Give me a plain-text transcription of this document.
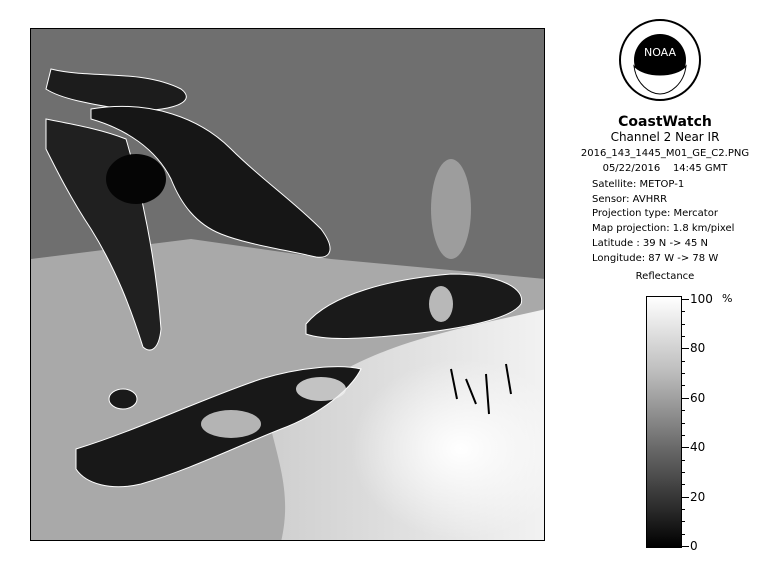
NOAA
CoastWatch
Channel 2 Near IR
2016_143_1445_M01_GE_C2.PNG
05/22/2016 14:45 GMT
Satellite: METOP-1
Sensor: AVHRR
Projection type: Mercator
Map projection: 1.8 km/pixel
Latitude : 39 N -> 45 N
Longitude: 87 W -> 78 W
Reflectance
%
100
80
60
40
20
0
